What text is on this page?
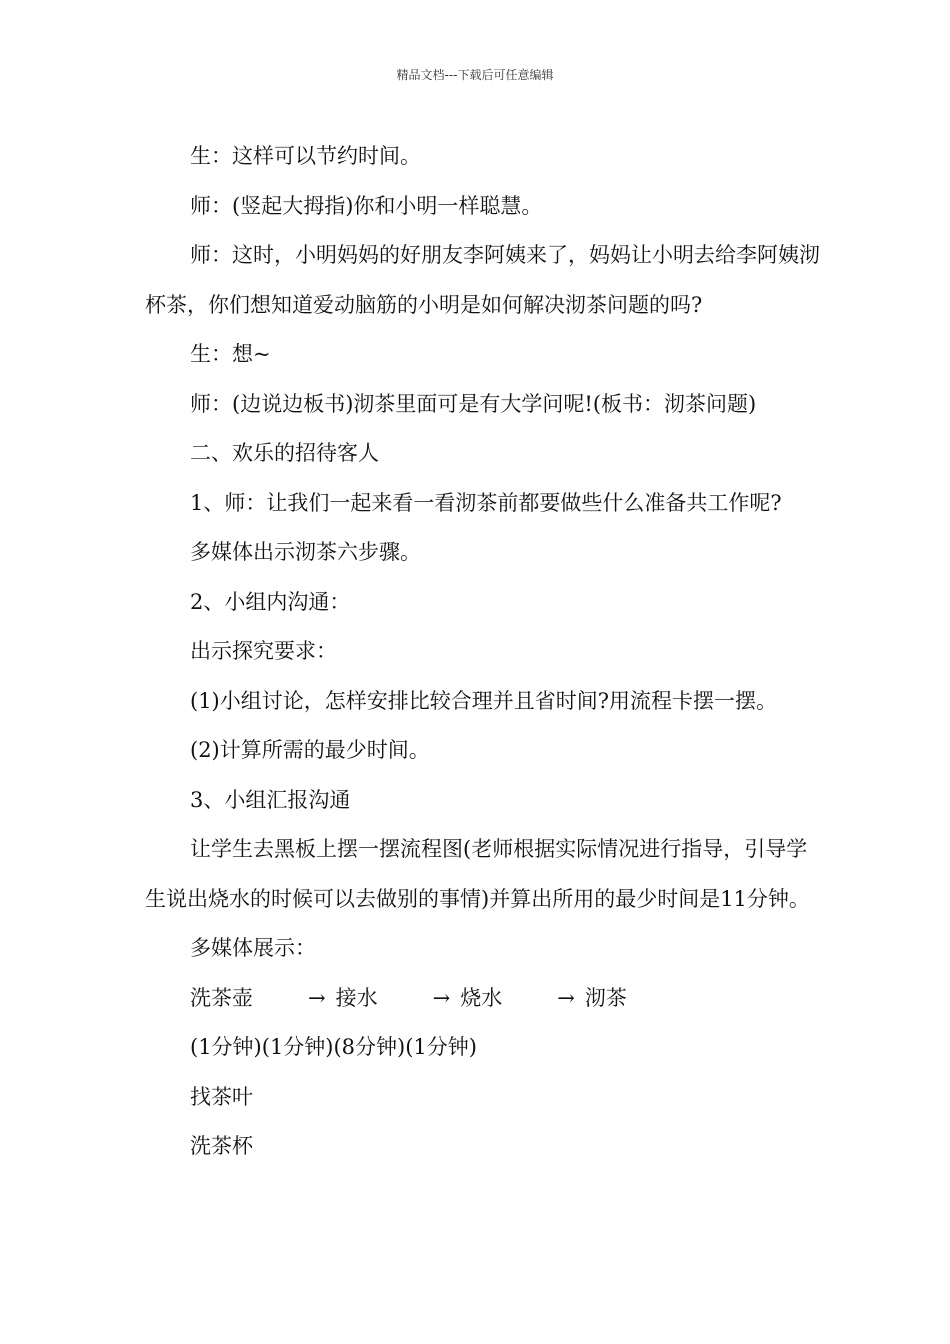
精品文档---下载后可任意编辑

生：这样可以节约时间。

师：(竖起大拇指)你和小明一样聪慧。

师：这时，小明妈妈的好朋友李阿姨来了，妈妈让小明去给李阿姨沏杯茶，你们想知道爱动脑筋的小明是如何解决沏茶问题的吗?

生：想~

师：(边说边板书)沏茶里面可是有大学问呢!(板书：沏茶问题)

二、欢乐的招待客人

1、师：让我们一起来看一看沏茶前都要做些什么准备共工作呢?

多媒体出示沏茶六步骤。

2、小组内沟通：

出示探究要求：

(1)小组讨论，怎样安排比较合理并且省时间?用流程卡摆一摆。

(2)计算所需的最少时间。

3、小组汇报沟通

让学生去黑板上摆一摆流程图(老师根据实际情况进行指导，引导学生说出烧水的时候可以去做别的事情)并算出所用的最少时间是11分钟。

多媒体展示：

洗茶壶	→ 接水	→ 烧水	→ 沏茶

(1分钟)(1分钟)(8分钟)(1分钟)

找茶叶

洗茶杯
